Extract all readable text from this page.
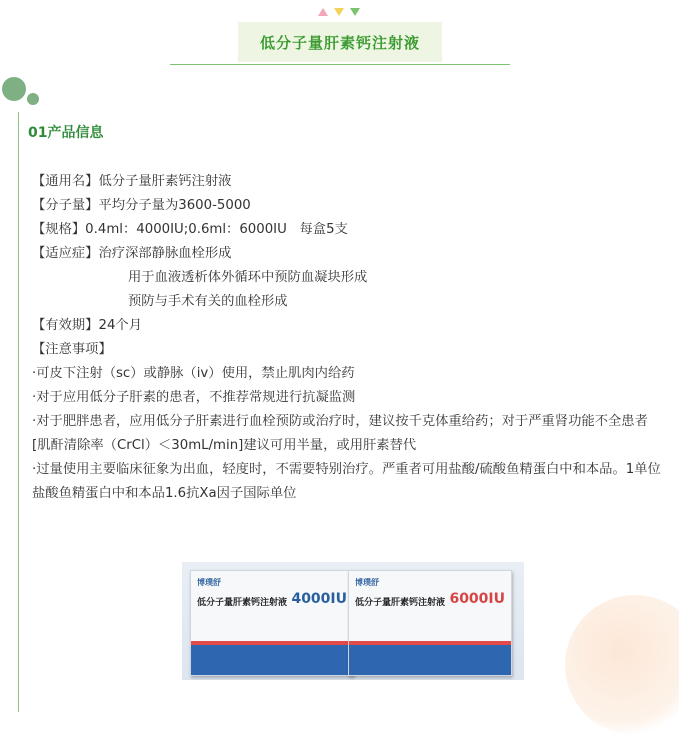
低分子量肝素钙注射液
01产品信息

【通用名】低分子量肝素钙注射液

【分子量】平均分子量为3600-5000

【规格】0.4ml：4000IU;0.6ml：6000IU   每盒5支

【适应症】治疗深部静脉血栓形成

用于血液透析体外循环中预防血凝块形成

预防与手术有关的血栓形成

【有效期】24个月

【注意事项】

·可皮下注射（sc）或静脉（iv）使用，禁止肌肉内给药

·对于应用低分子肝素的患者，不推荐常规进行抗凝监测

·对于肥胖患者，应用低分子肝素进行血栓预防或治疗时，建议按千克体重给药；对于严重肾功能不全患者[肌酐清除率（CrCl）＜30mL/min]建议可用半量，或用肝素替代

·过量使用主要临床征象为出血，轻度时，不需要特别治疗。严重者可用盐酸/硫酸鱼精蛋白中和本品。1单位盐酸鱼精蛋白中和本品1.6抗Ⅹa因子国际单位

博璞舒
低分子量肝素钙注射液 4000IU
博璞舒
低分子量肝素钙注射液 6000IU
